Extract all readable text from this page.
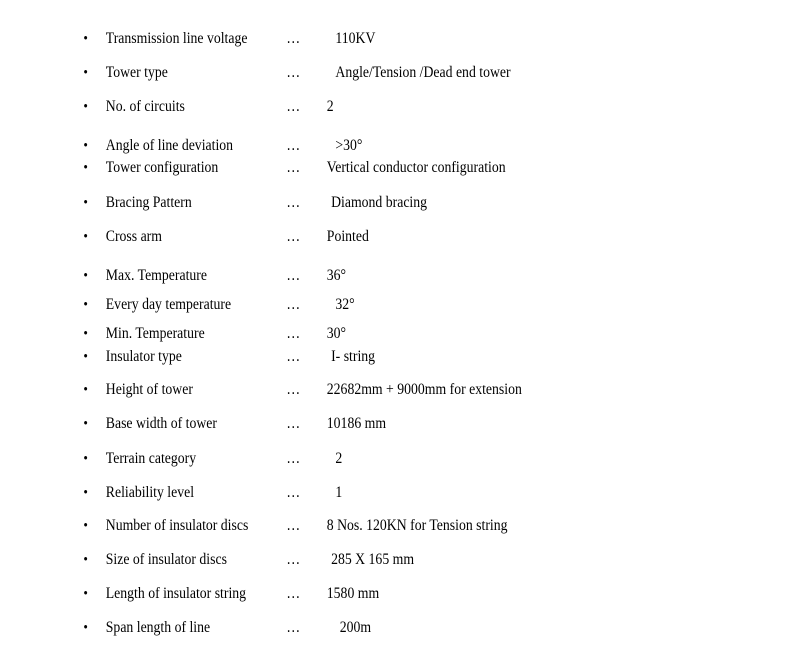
• Transmission line voltage … 110KV
• Tower type	… Angle/Tension /Dead end tower
• No. of circuits	… 2
• Angle of line deviation	… >30°
• Tower configuration	… Vertical conductor configuration
• Bracing Pattern	… Diamond bracing
• Cross arm	… Pointed
• Max. Temperature	… 36°
• Every day temperature	… 32°
• Min. Temperature	… 30°
• Insulator type	… I- string
• Height of tower	… 22682mm + 9000mm for extension
• Base width of tower	… 10186 mm
• Terrain category	… 2
• Reliability level	… 1
• Number of insulator discs … 8 Nos. 120KN for Tension string
• Size of insulator discs	… 285 X 165 mm
• Length of insulator string	… 1580 mm
• Span length of line	… 200m
